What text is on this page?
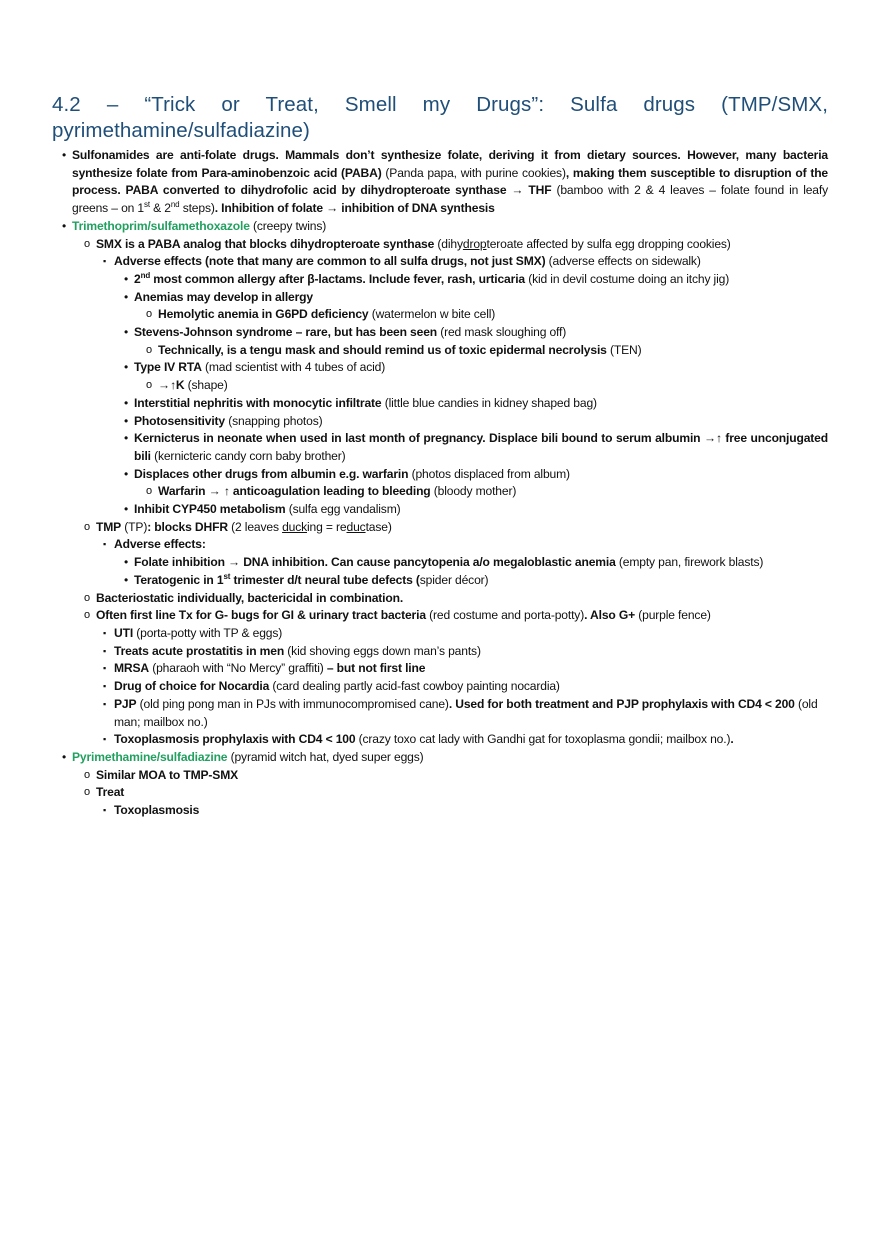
4.2 – “Trick or Treat, Smell my Drugs”: Sulfa drugs (TMP/SMX, pyrimethamine/sulfadiazine)
• Sulfonamides are anti-folate drugs. Mammals don’t synthesize folate, deriving it from dietary sources. However, many bacteria synthesize folate from Para-aminobenzoic acid (PABA) (Panda papa, with purine cookies), making them susceptible to disruption of the process. PABA converted to dihydrofolic acid by dihydropteroate synthase → THF (bamboo with 2 & 4 leaves – folate found in leafy greens – on 1st & 2nd steps). Inhibition of folate → inhibition of DNA synthesis
• Trimethoprim/sulfamethoxazole (creepy twins)
o SMX is a PABA analog that blocks dihydropteroate synthase (dihydropteroate affected by sulfa egg dropping cookies)
▪ Adverse effects (note that many are common to all sulfa drugs, not just SMX) (adverse effects on sidewalk)
• 2nd most common allergy after β-lactams. Include fever, rash, urticaria (kid in devil costume doing an itchy jig)
• Anemias may develop in allergy
o Hemolytic anemia in G6PD deficiency (watermelon w bite cell)
• Stevens-Johnson syndrome – rare, but has been seen (red mask sloughing off)
o Technically, is a tengu mask and should remind us of toxic epidermal necrolysis (TEN)
• Type IV RTA (mad scientist with 4 tubes of acid)
o →↑K (shape)
• Interstitial nephritis with monocytic infiltrate (little blue candies in kidney shaped bag)
• Photosensitivity (snapping photos)
• Kernicterus in neonate when used in last month of pregnancy. Displace bili bound to serum albumin →↑ free unconjugated bili (kernicteric candy corn baby brother)
• Displaces other drugs from albumin e.g. warfarin (photos displaced from album)
o Warfarin → ↑ anticoagulation leading to bleeding (bloody mother)
• Inhibit CYP450 metabolism (sulfa egg vandalism)
o TMP (TP): blocks DHFR (2 leaves ducking = reductase)
▪ Adverse effects:
• Folate inhibition → DNA inhibition. Can cause pancytopenia a/o megaloblastic anemia (empty pan, firework blasts)
• Teratogenic in 1st trimester d/t neural tube defects (spider décor)
o Bacteriostatic individually, bactericidal in combination.
o Often first line Tx for G- bugs for GI & urinary tract bacteria (red costume and porta-potty). Also G+ (purple fence)
▪ UTI (porta-potty with TP & eggs)
▪ Treats acute prostatitis in men (kid shoving eggs down man’s pants)
▪ MRSA (pharaoh with “No Mercy” graffiti) – but not first line
▪ Drug of choice for Nocardia (card dealing partly acid-fast cowboy painting nocardia)
▪ PJP (old ping pong man in PJs with immunocompromised cane). Used for both treatment and PJP prophylaxis with CD4 < 200 (old man; mailbox no.)
▪ Toxoplasmosis prophylaxis with CD4 < 100 (crazy toxo cat lady with Gandhi gat for toxoplasma gondii; mailbox no.).
• Pyrimethamine/sulfadiazine (pyramid witch hat, dyed super eggs)
o Similar MOA to TMP-SMX
o Treat
▪ Toxoplasmosis
